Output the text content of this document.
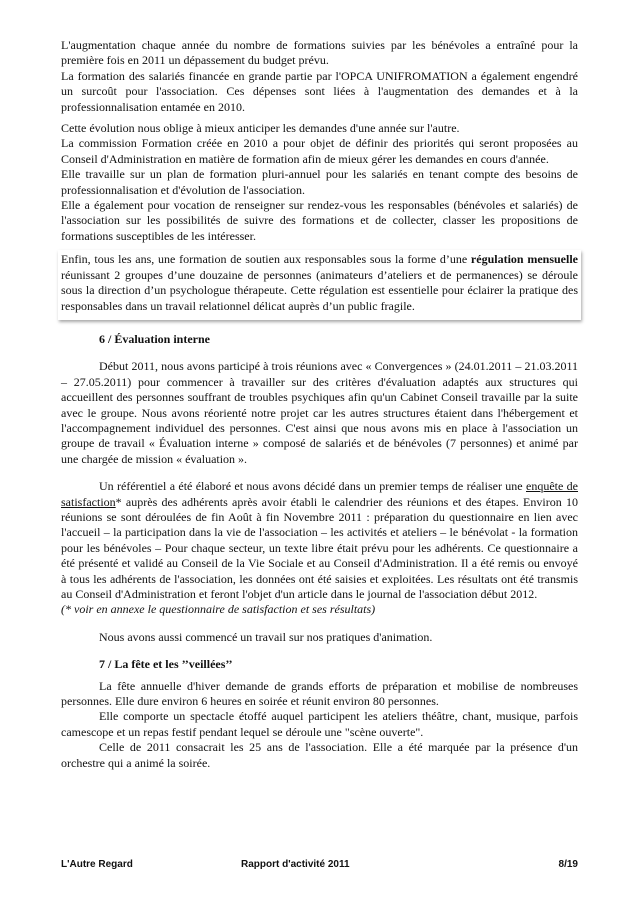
L'augmentation chaque année du nombre de formations suivies par les bénévoles a entraîné pour la première fois en 2011 un dépassement du budget prévu.

La formation des salariés financée en grande partie par l'OPCA UNIFROMATION a également engendré un surcoût pour l'association. Ces dépenses sont liées à l'augmentation des demandes et à la professionnalisation entamée en 2010.

Cette évolution nous oblige à mieux anticiper les demandes d'une année sur l'autre.

La commission Formation créée en 2010 a pour objet de définir des priorités qui seront proposées au Conseil d'Administration en matière de formation afin de mieux gérer les demandes en cours d'année.

Elle travaille sur un plan de formation pluri-annuel pour les salariés en tenant compte des besoins de professionnalisation et d'évolution de l'association.

Elle a également pour vocation de renseigner sur rendez-vous les responsables (bénévoles et salariés) de l'association sur les possibilités de suivre des formations et de collecter, classer les propositions de formations susceptibles de les intéresser.

Enfin, tous les ans, une formation de soutien aux responsables sous la forme d’une régulation mensuelle réunissant 2 groupes d’une douzaine de personnes (animateurs d’ateliers et de permanences) se déroule sous la direction d’un psychologue thérapeute. Cette régulation est essentielle pour éclairer la pratique des responsables dans un travail relationnel délicat auprès d’un public fragile.

6 / Évaluation interne

Début 2011, nous avons participé à trois réunions avec « Convergences » (24.01.2011 – 21.03.2011 – 27.05.2011) pour commencer à travailler sur des critères d'évaluation adaptés aux structures qui accueillent des personnes souffrant de troubles psychiques afin qu'un Cabinet Conseil travaille par la suite avec le groupe. Nous avons réorienté notre projet car les autres structures étaient dans l'hébergement et l'accompagnement individuel des personnes. C'est ainsi que nous avons mis en place à l'association un groupe de travail « Évaluation interne » composé de salariés et de bénévoles (7 personnes) et animé par une chargée de mission « évaluation ».

Un référentiel a été élaboré et nous avons décidé dans un premier temps de réaliser une enquête de satisfaction* auprès des adhérents après avoir établi le calendrier des réunions et des étapes. Environ 10 réunions se sont déroulées de fin Août à fin Novembre 2011 : préparation du questionnaire en lien avec l'accueil – la participation dans la vie de l'association – les activités et ateliers – le bénévolat - la formation pour les bénévoles – Pour chaque secteur, un texte libre était prévu pour les adhérents. Ce questionnaire a été présenté et validé au Conseil de la Vie Sociale et au Conseil d'Administration. Il a été remis ou envoyé à tous les adhérents de l'association, les données ont été saisies et exploitées. Les résultats ont été transmis au Conseil d'Administration et feront l'objet d'un article dans le journal de l'association début 2012.

(* voir en annexe le questionnaire de satisfaction et ses résultats)

Nous avons aussi commencé un travail sur nos pratiques d'animation.

7 / La fête et les ’’veillées’’

La fête annuelle d'hiver demande de grands efforts de préparation et mobilise de nombreuses personnes. Elle dure environ 6 heures en soirée et réunit environ 80 personnes.

Elle comporte un spectacle étoffé auquel participent les ateliers théâtre, chant, musique, parfois camescope et un repas festif pendant lequel se déroule une "scène ouverte".

Celle de 2011 consacrait les 25 ans de l'association. Elle a été marquée par la présence d'un orchestre qui a animé la soirée.

L'Autre Regard	Rapport d'activité 2011	8/19
